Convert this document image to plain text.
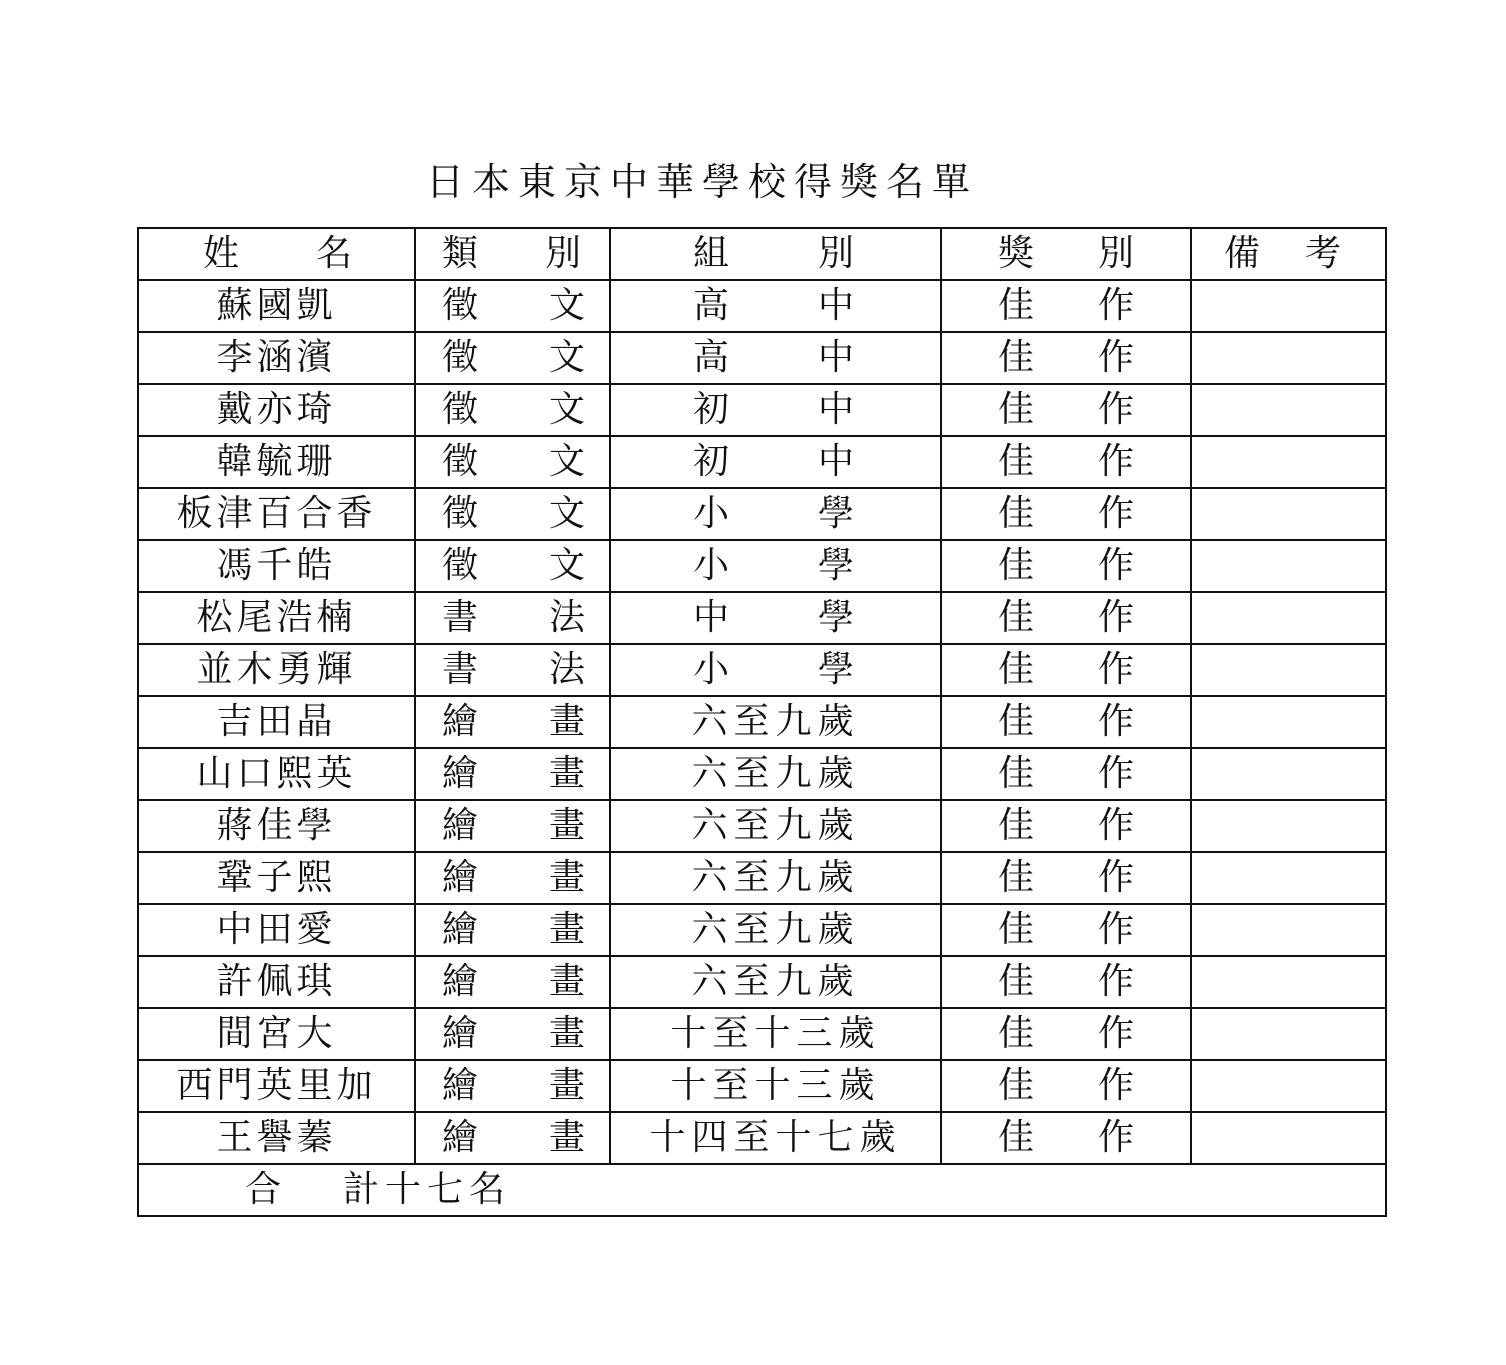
日本東京中華學校得獎名單
姓 名	類 別	組 別	獎 別	備 考

蘇國凱	徵 文	高 中	佳 作	

李涵濱	徵 文	高 中	佳 作	

戴亦琦	徵 文	初 中	佳 作	

韓毓珊	徵 文	初 中	佳 作	

板津百合香	徵 文	小 學	佳 作	

馮千皓	徵 文	小 學	佳 作	

松尾浩楠	書 法	中 學	佳 作	

並木勇輝	書 法	小 學	佳 作	

吉田晶	繪 畫	六至九歲	佳 作	

山口熙英	繪 畫	六至九歲	佳 作	

蔣佳學	繪 畫	六至九歲	佳 作	

鞏子熙	繪 畫	六至九歲	佳 作	

中田愛	繪 畫	六至九歲	佳 作	

許佩琪	繪 畫	六至九歲	佳 作	

間宮大	繪 畫	十至十三歲	佳 作	

西門英里加	繪 畫	十至十三歲	佳 作	

王譽蓁	繪 畫	十四至十七歲	佳 作	

合 計十七名				
